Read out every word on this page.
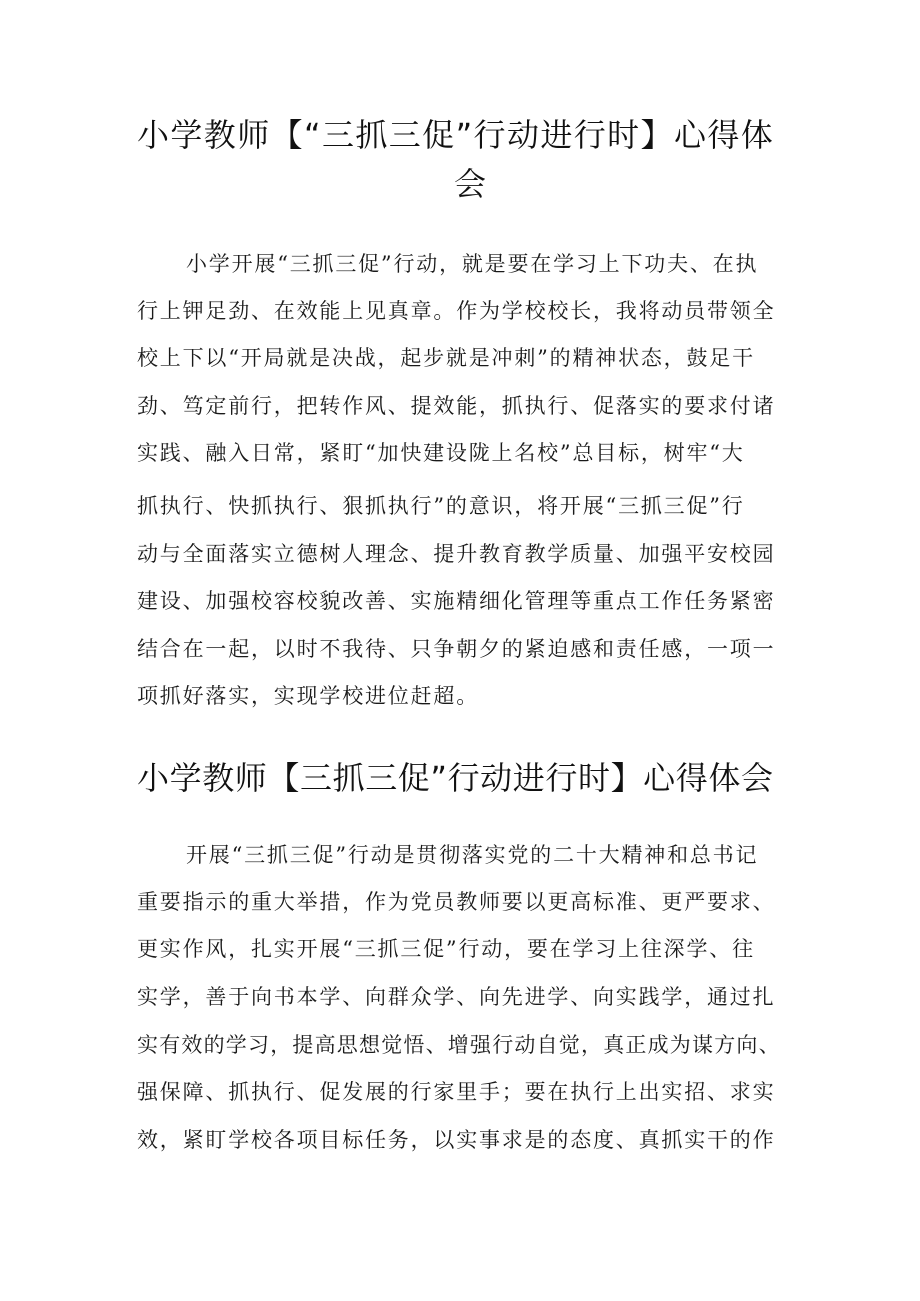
小学教师【“三抓三促”行动进行时】心得体
会

小学开展“三抓三促”行动，就是要在学习上下功夫、在执

行上钾足劲、在效能上见真章。作为学校校长，我将动员带领全

校上下以“开局就是决战，起步就是冲刺”的精神状态，鼓足干

劲、笃定前行，把转作风、提效能，抓执行、促落实的要求付诸

实践、融入日常，紧盯“加快建设陇上名校”总目标，树牢“大

抓执行、快抓执行、狠抓执行”的意识，将开展“三抓三促”行

动与全面落实立德树人理念、提升教育教学质量、加强平安校园

建设、加强校容校貌改善、实施精细化管理等重点工作任务紧密

结合在一起，以时不我待、只争朝夕的紧迫感和责任感，一项一

项抓好落实，实现学校进位赶超。

小学教师【三抓三促”行动进行时】心得体会

开展“三抓三促”行动是贯彻落实党的二十大精神和总书记

重要指示的重大举措，作为党员教师要以更高标准、更严要求、

更实作风，扎实开展“三抓三促”行动，要在学习上往深学、往

实学，善于向书本学、向群众学、向先进学、向实践学，通过扎

实有效的学习，提高思想觉悟、增强行动自觉，真正成为谋方向、

强保障、抓执行、促发展的行家里手；要在执行上出实招、求实

效，紧盯学校各项目标任务，以实事求是的态度、真抓实干的作
